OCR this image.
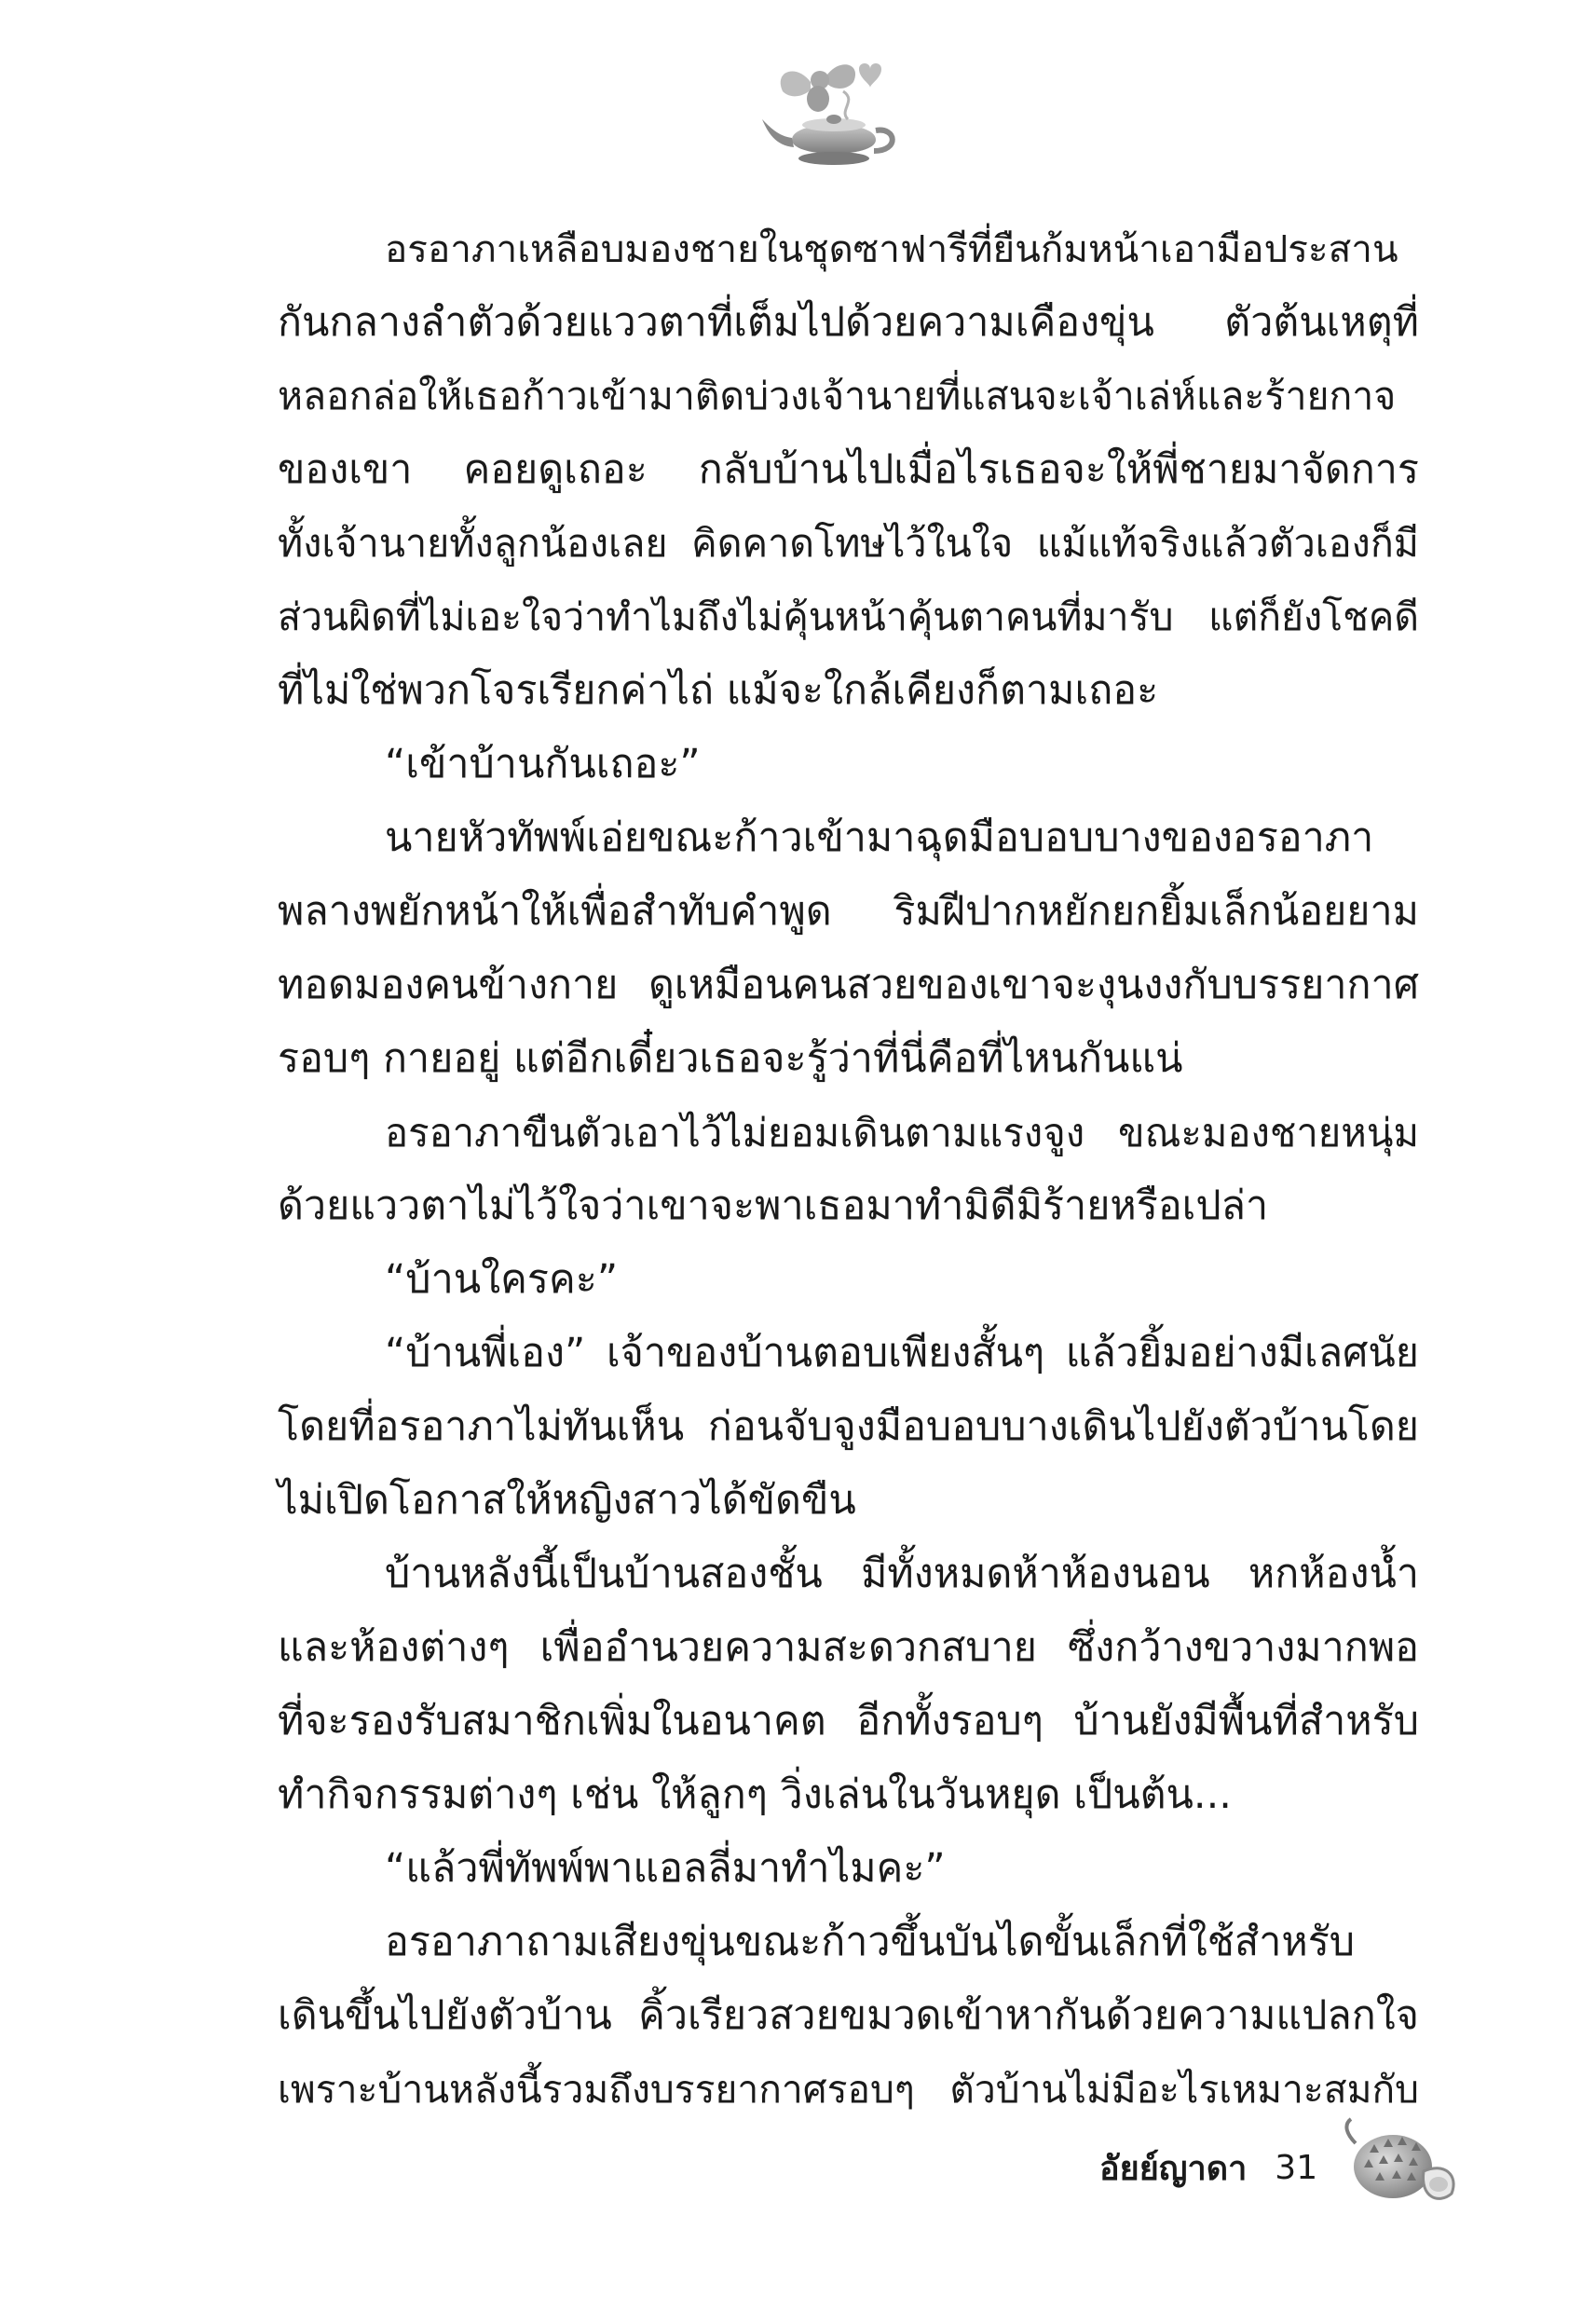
อรอาภาเหลือบมองชายในชุดซาฟารีที่ยืนก้มหน้าเอามือประสาน
กันกลางลำตัวด้วยแววตาที่เต็มไปด้วยความเคืองขุ่น ตัวต้นเหตุที่
หลอกล่อให้เธอก้าวเข้ามาติดบ่วงเจ้านายที่แสนจะเจ้าเล่ห์และร้ายกาจ
ของเขา คอยดูเถอะ กลับบ้านไปเมื่อไรเธอจะให้พี่ชายมาจัดการ
ทั้งเจ้านายทั้งลูกน้องเลย คิดคาดโทษไว้ในใจ แม้แท้จริงแล้วตัวเองก็มี
ส่วนผิดที่ไม่เอะใจว่าทำไมถึงไม่คุ้นหน้าคุ้นตาคนที่มารับ แต่ก็ยังโชคดี
ที่ไม่ใช่พวกโจรเรียกค่าไถ่ แม้จะใกล้เคียงก็ตามเถอะ
“เข้าบ้านกันเถอะ”
นายหัวทัพพ์เอ่ยขณะก้าวเข้ามาฉุดมือบอบบางของอรอาภา
พลางพยักหน้าให้เพื่อสำทับคำพูด ริมฝีปากหยักยกยิ้มเล็กน้อยยาม
ทอดมองคนข้างกาย ดูเหมือนคนสวยของเขาจะงุนงงกับบรรยากาศ
รอบๆ กายอยู่ แต่อีกเดี๋ยวเธอจะรู้ว่าที่นี่คือที่ไหนกันแน่
อรอาภาขืนตัวเอาไว้ไม่ยอมเดินตามแรงจูง ขณะมองชายหนุ่ม
ด้วยแววตาไม่ไว้ใจว่าเขาจะพาเธอมาทำมิดีมิร้ายหรือเปล่า
“บ้านใครคะ”
“บ้านพี่เอง” เจ้าของบ้านตอบเพียงสั้นๆ แล้วยิ้มอย่างมีเลศนัย
โดยที่อรอาภาไม่ทันเห็น ก่อนจับจูงมือบอบบางเดินไปยังตัวบ้านโดย
ไม่เปิดโอกาสให้หญิงสาวได้ขัดขืน
บ้านหลังนี้เป็นบ้านสองชั้น มีทั้งหมดห้าห้องนอน หกห้องน้ำ
และห้องต่างๆ เพื่ออำนวยความสะดวกสบาย ซึ่งกว้างขวางมากพอ
ที่จะรองรับสมาชิกเพิ่มในอนาคต อีกทั้งรอบๆ บ้านยังมีพื้นที่สำหรับ
ทำกิจกรรมต่างๆ เช่น ให้ลูกๆ วิ่งเล่นในวันหยุด เป็นต้น...
“แล้วพี่ทัพพ์พาแอลลี่มาทำไมคะ”
อรอาภาถามเสียงขุ่นขณะก้าวขึ้นบันไดขั้นเล็กที่ใช้สำหรับ
เดินขึ้นไปยังตัวบ้าน คิ้วเรียวสวยขมวดเข้าหากันด้วยความแปลกใจ
เพราะบ้านหลังนี้รวมถึงบรรยากาศรอบๆ ตัวบ้านไม่มีอะไรเหมาะสมกับ
อัยย์ญาดา 31
